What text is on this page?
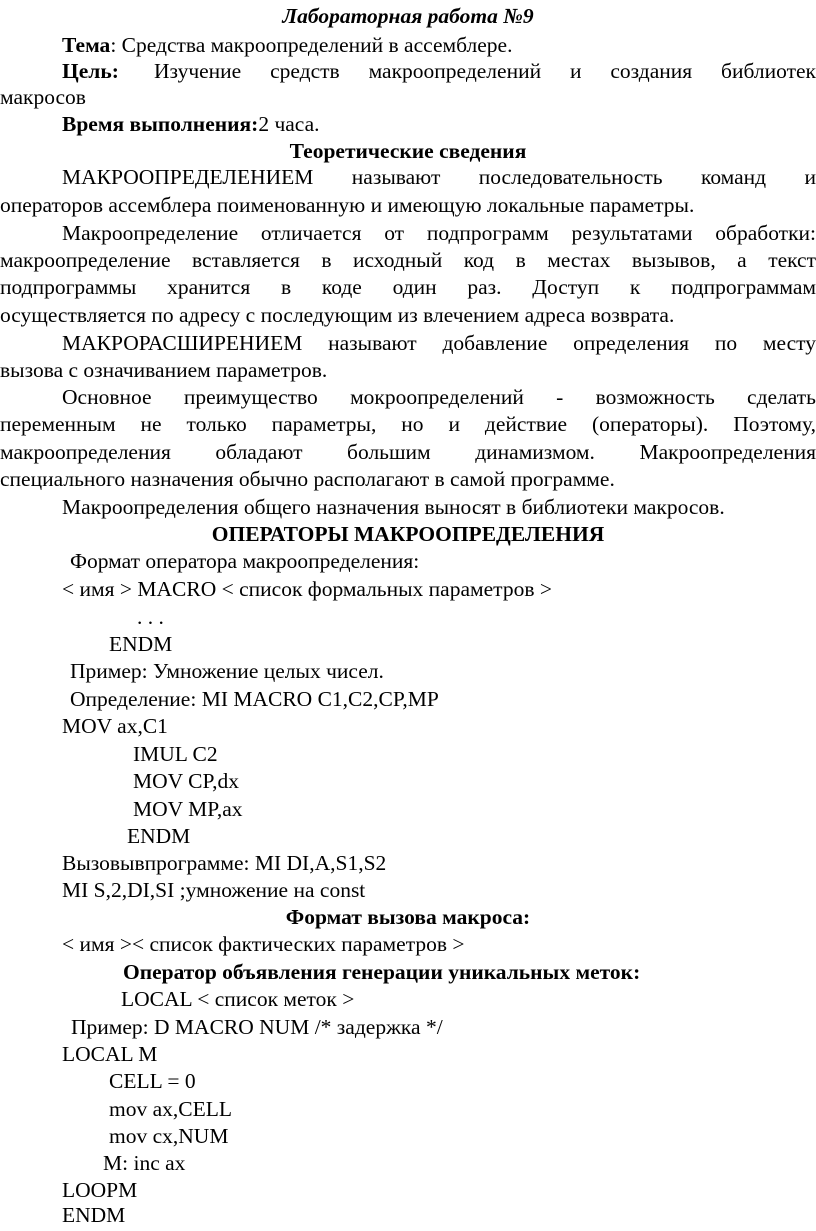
Лабораторная работа №9
Тема: Средства макроопределений в ассемблере.
Цель: Изучение средств макроопределений и создания библиотек
макросов
Время выполнения:2 часа.
Теоретические сведения
МАКРООПРЕДЕЛЕНИЕМ называют последовательность команд и
операторов ассемблера поименованную и имеющую локальные параметры.
Макроопределение отличается от подпрограмм результатами обработки:
макроопределение вставляется в исходный код в местах вызывов, а текст
подпрограммы хранится в коде один раз. Доступ к подпрограммам
осуществляется по адресу с последующим из влечением адреса возврата.
МАКРОРАСШИРЕНИЕМ называют добавление определения по месту
вызова с означиванием параметров.
Основное преимущество мокроопределений - возможность сделать
переменным не только параметры, но и действие (операторы). Поэтому,
макроопределения обладают большим динамизмом. Макроопределения
специального назначения обычно располагают в самой программе.
Макроопределения общего назначения выносят в библиотеки макросов.
ОПЕРАТОРЫ МАКРООПРЕДЕЛЕНИЯ
Формат оператора макроопределения:
< имя > MACRO < список формальных параметров >
. . .
ENDM
Пример: Умножение целых чисел.
Определение: MI MACRO C1,C2,CP,MP
MOV ax,C1
IMUL C2
MOV CP,dx
MOV MP,ax
ENDM
Вызовывпрограмме: MI DI,A,S1,S2
MI S,2,DI,SI ;умножение на const
Формат вызова макроса:
< имя >< список фактических параметров >
Оператор объявления генерации уникальных меток:
LOCAL < список меток >
Пример: D MACRO NUM /* задержка */
LOCAL M
CELL = 0
mov ax,CELL
mov cx,NUM
M: inc ax
LOOPM
ENDM
